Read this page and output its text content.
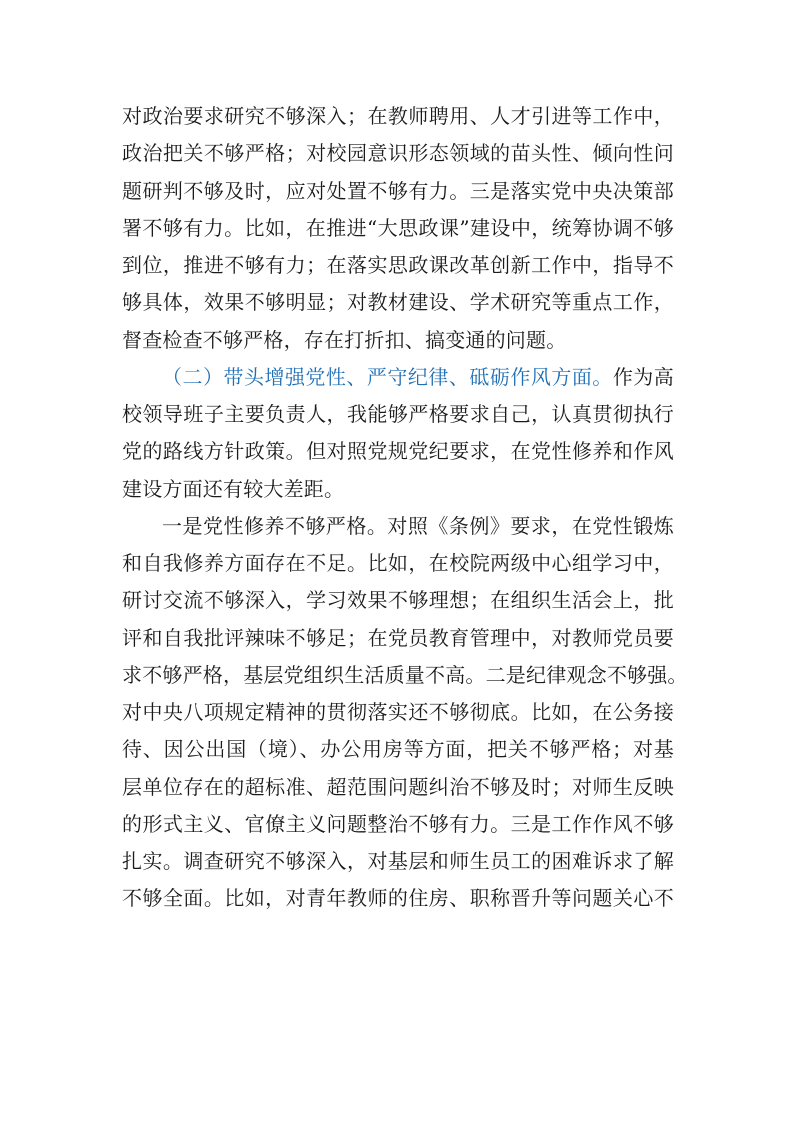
对政治要求研究不够深入；在教师聘用、人才引进等工作中，
政治把关不够严格；对校园意识形态领域的苗头性、倾向性问
题研判不够及时，应对处置不够有力。三是落实党中央决策部
署不够有力。比如，在推进“大思政课”建设中，统筹协调不够
到位，推进不够有力；在落实思政课改革创新工作中，指导不
够具体，效果不够明显；对教材建设、学术研究等重点工作，
督查检查不够严格，存在打折扣、搞变通的问题。
（二）带头增强党性、严守纪律、砥砺作风方面。作为高
校领导班子主要负责人，我能够严格要求自己，认真贯彻执行
党的路线方针政策。但对照党规党纪要求，在党性修养和作风
建设方面还有较大差距。
一是党性修养不够严格。对照《条例》要求，在党性锻炼
和自我修养方面存在不足。比如，在校院两级中心组学习中，
研讨交流不够深入，学习效果不够理想；在组织生活会上，批
评和自我批评辣味不够足；在党员教育管理中，对教师党员要
求不够严格，基层党组织生活质量不高。二是纪律观念不够强。
对中央八项规定精神的贯彻落实还不够彻底。比如，在公务接
待、因公出国（境）、办公用房等方面，把关不够严格；对基
层单位存在的超标准、超范围问题纠治不够及时；对师生反映
的形式主义、官僚主义问题整治不够有力。三是工作作风不够
扎实。调查研究不够深入，对基层和师生员工的困难诉求了解
不够全面。比如，对青年教师的住房、职称晋升等问题关心不
